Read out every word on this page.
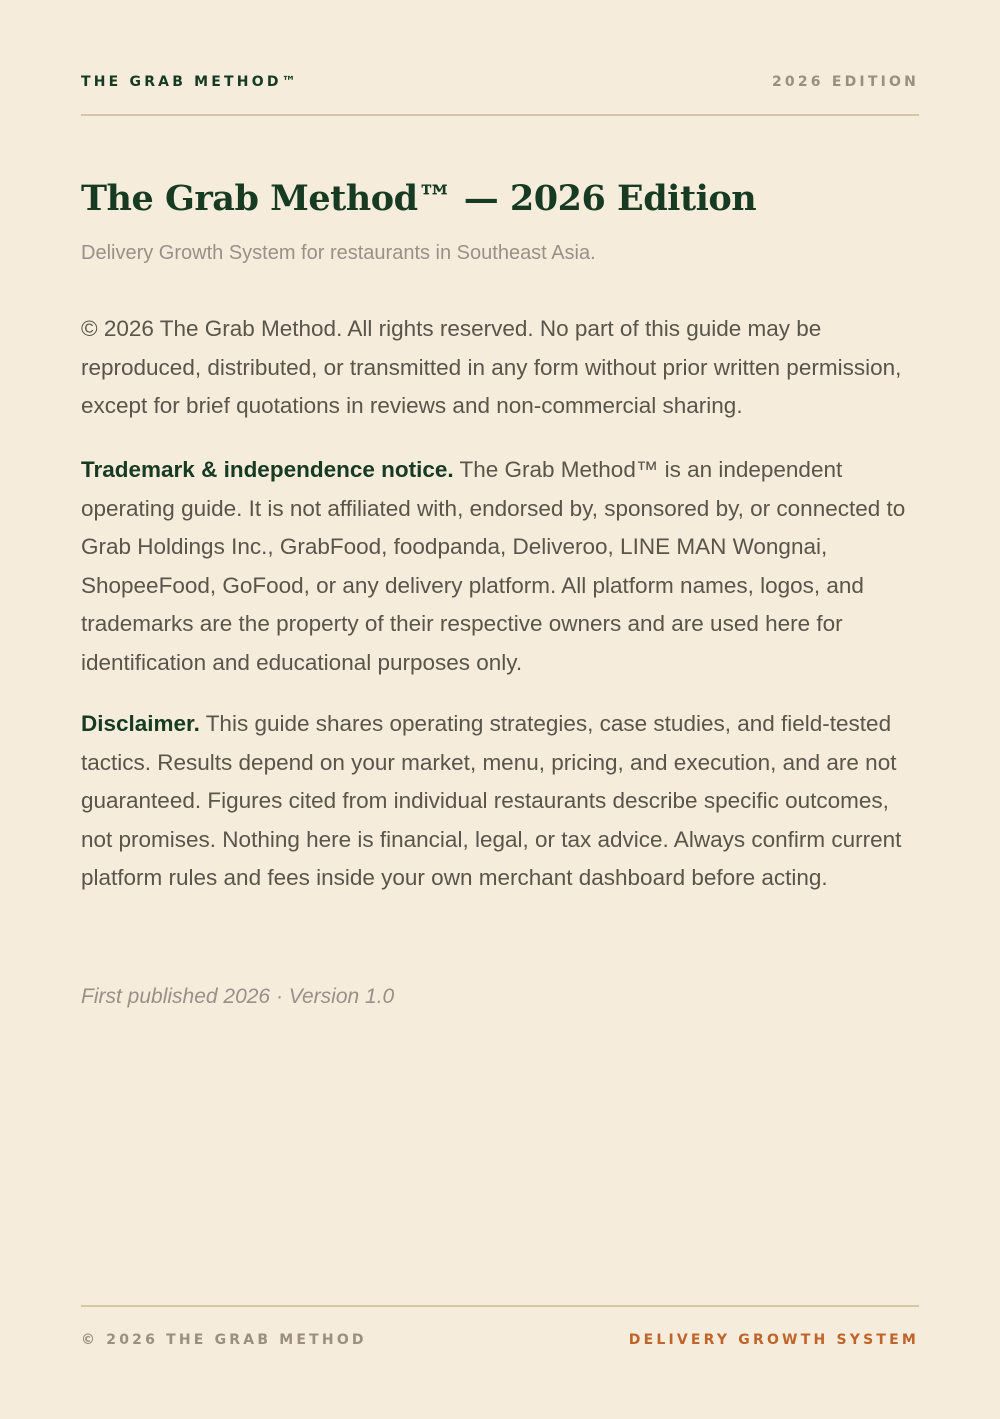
THE GRAB METHOD™	2026 EDITION
The Grab Method™ — 2026 Edition
Delivery Growth System for restaurants in Southeast Asia.

© 2026 The Grab Method. All rights reserved. No part of this guide may be reproduced, distributed, or transmitted in any form without prior written permission, except for brief quotations in reviews and non-commercial sharing.

Trademark & independence notice. The Grab Method™ is an independent operating guide. It is not affiliated with, endorsed by, sponsored by, or connected to Grab Holdings Inc., GrabFood, foodpanda, Deliveroo, LINE MAN Wongnai, ShopeeFood, GoFood, or any delivery platform. All platform names, logos, and trademarks are the property of their respective owners and are used here for identification and educational purposes only.

Disclaimer. This guide shares operating strategies, case studies, and field-tested tactics. Results depend on your market, menu, pricing, and execution, and are not guaranteed. Figures cited from individual restaurants describe specific outcomes, not promises. Nothing here is financial, legal, or tax advice. Always confirm current platform rules and fees inside your own merchant dashboard before acting.

First published 2026 · Version 1.0
© 2026 THE GRAB METHOD	DELIVERY GROWTH SYSTEM
